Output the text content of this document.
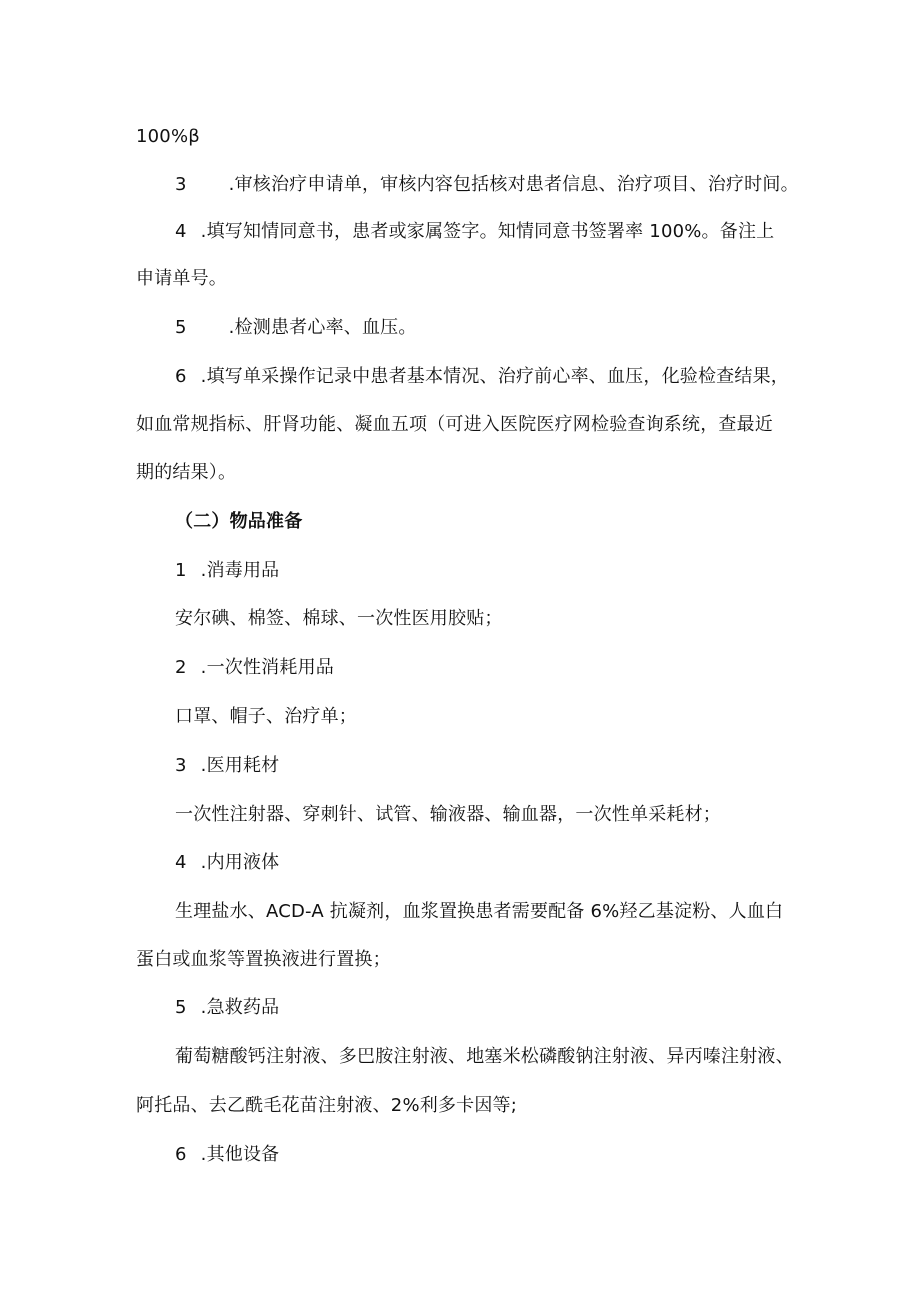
100%β
3 .审核治疗申请单，审核内容包括核对患者信息、治疗项目、治疗时间。
4 .填写知情同意书，患者或家属签字。知情同意书签署率 100%。备注上
申请单号。
5 .检测患者心率、血压。
6 .填写单采操作记录中患者基本情况、治疗前心率、血压，化验检查结果，
如血常规指标、肝肾功能、凝血五项（可进入医院医疗网检验查询系统，查最近
期的结果）。
（二）物品准备
1 .消毒用品
安尔碘、棉签、棉球、一次性医用胶贴；
2 .一次性消耗用品
口罩、帽子、治疗单；
3 .医用耗材
一次性注射器、穿刺针、试管、输液器、输血器，一次性单采耗材；
4 .内用液体
生理盐水、ACD-A 抗凝剂，血浆置换患者需要配备 6%羟乙基淀粉、人血白
蛋白或血浆等置换液进行置换；
5 .急救药品
葡萄糖酸钙注射液、多巴胺注射液、地塞米松磷酸钠注射液、异丙嗪注射液、
阿托品、去乙酰毛花苗注射液、2%利多卡因等;
6 .其他设备
